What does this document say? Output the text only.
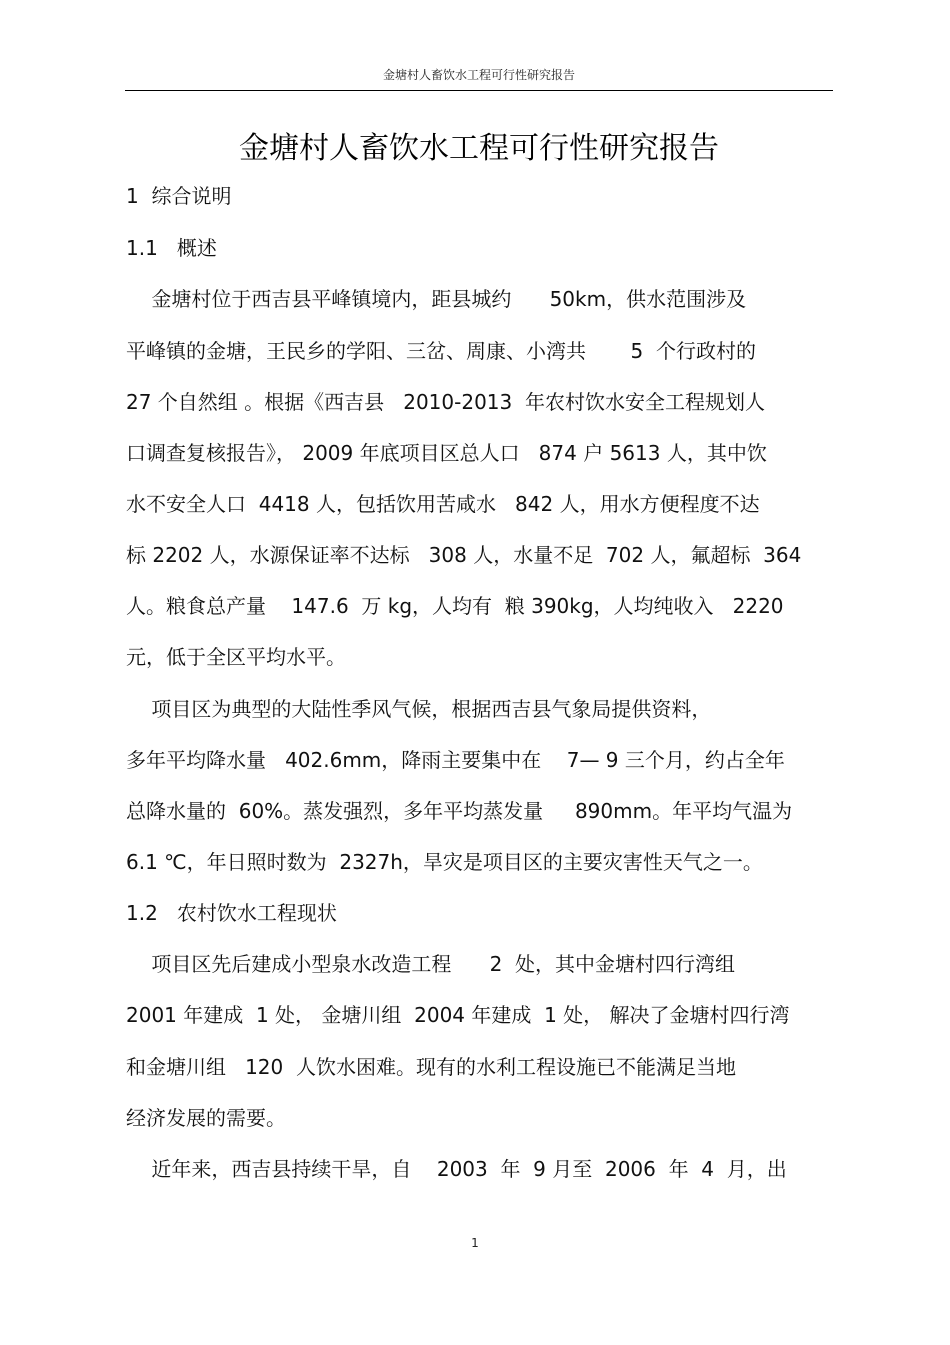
金塘村人畜饮水工程可行性研究报告
金塘村人畜饮水工程可行性研究报告
1  综合说明
1.1   概述
金塘村位于西吉县平峰镇境内，距县城约      50km，供水范围涉及
平峰镇的金塘，王民乡的学阳、三岔、周康、小湾共       5  个行政村的
27 个自然组 。根据《西吉县   2010-2013  年农村饮水安全工程规划人
口调查复核报告》， 2009 年底项目区总人口   874 户 5613 人，其中饮
水不安全人口  4418 人，包括饮用苦咸水   842 人，用水方便程度不达
标 2202 人，水源保证率不达标   308 人，水量不足  702 人，氟超标  364
人。粮食总产量    147.6  万 kg，人均有  粮 390kg，人均纯收入   2220
元，低于全区平均水平。
项目区为典型的大陆性季风气候，根据西吉县气象局提供资料，
多年平均降水量   402.6mm，降雨主要集中在    7— 9 三个月，约占全年
总降水量的  60%。蒸发强烈，多年平均蒸发量     890mm。年平均气温为
6.1 ℃，年日照时数为  2327h，旱灾是项目区的主要灾害性天气之一。
1.2   农村饮水工程现状
项目区先后建成小型泉水改造工程      2  处，其中金塘村四行湾组
2001 年建成  1 处， 金塘川组  2004 年建成  1 处， 解决了金塘村四行湾
和金塘川组   120  人饮水困难。现有的水利工程设施已不能满足当地
经济发展的需要。
近年来，西吉县持续干旱，自    2003  年  9 月至  2006  年  4  月，出
1
